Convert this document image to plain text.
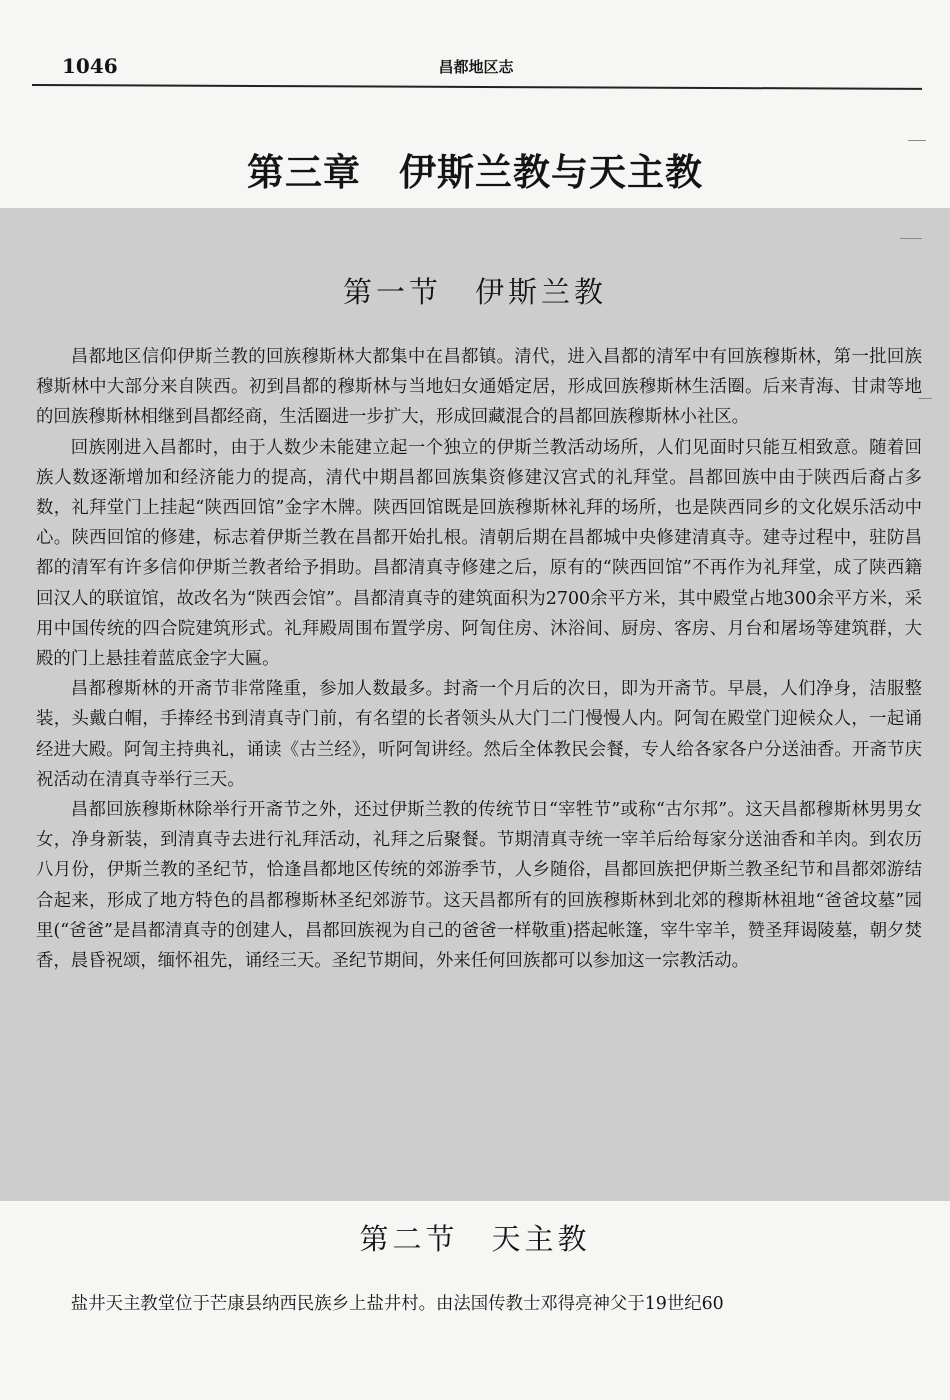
1046	昌都地区志
第三章　伊斯兰教与天主教
第一节　伊斯兰教

昌都地区信仰伊斯兰教的回族穆斯林大都集中在昌都镇。清代，进入昌都的清军中有回族穆斯林，第一批回族穆斯林中大部分来自陕西。初到昌都的穆斯林与当地妇女通婚定居，形成回族穆斯林生活圈。后来青海、甘肃等地的回族穆斯林相继到昌都经商，生活圈进一步扩大，形成回藏混合的昌都回族穆斯林小社区。

回族刚进入昌都时，由于人数少未能建立起一个独立的伊斯兰教活动场所，人们见面时只能互相致意。随着回族人数逐渐增加和经济能力的提高，清代中期昌都回族集资修建汉宫式的礼拜堂。昌都回族中由于陕西后裔占多数，礼拜堂门上挂起“陕西回馆”金字木牌。陕西回馆既是回族穆斯林礼拜的场所，也是陕西同乡的文化娱乐活动中心。陕西回馆的修建，标志着伊斯兰教在昌都开始扎根。清朝后期在昌都城中央修建清真寺。建寺过程中，驻防昌都的清军有许多信仰伊斯兰教者给予捐助。昌都清真寺修建之后，原有的“陕西回馆”不再作为礼拜堂，成了陕西籍回汉人的联谊馆，故改名为“陕西会馆”。昌都清真寺的建筑面积为2700余平方米，其中殿堂占地300余平方米，采用中国传统的四合院建筑形式。礼拜殿周围布置学房、阿訇住房、沐浴间、厨房、客房、月台和屠场等建筑群，大殿的门上悬挂着蓝底金字大匾。

昌都穆斯林的开斋节非常隆重，参加人数最多。封斋一个月后的次日，即为开斋节。早晨，人们净身，洁服整装，头戴白帽，手捧经书到清真寺门前，有名望的长者领头从大门二门慢慢人内。阿訇在殿堂门迎候众人，一起诵经进大殿。阿訇主持典礼，诵读《古兰经》，听阿訇讲经。然后全体教民会餐，专人给各家各户分送油香。开斋节庆祝活动在清真寺举行三天。

昌都回族穆斯林除举行开斋节之外，还过伊斯兰教的传统节日“宰牲节”或称“古尔邦”。这天昌都穆斯林男男女女，净身新装，到清真寺去进行礼拜活动，礼拜之后聚餐。节期清真寺统一宰羊后给每家分送油香和羊肉。到农历八月份，伊斯兰教的圣纪节，恰逢昌都地区传统的郊游季节，人乡随俗，昌都回族把伊斯兰教圣纪节和昌都郊游结合起来，形成了地方特色的昌都穆斯林圣纪郊游节。这天昌都所有的回族穆斯林到北郊的穆斯林祖地“爸爸坟墓”园里(“爸爸”是昌都清真寺的创建人，昌都回族视为自己的爸爸一样敬重)搭起帐篷，宰牛宰羊，赞圣拜谒陵墓，朝夕焚香，晨昏祝颂，缅怀祖先，诵经三天。圣纪节期间，外来任何回族都可以参加这一宗教活动。

第二节　天主教

盐井天主教堂位于芒康县纳西民族乡上盐井村。由法国传教士邓得亮神父于19世纪60
